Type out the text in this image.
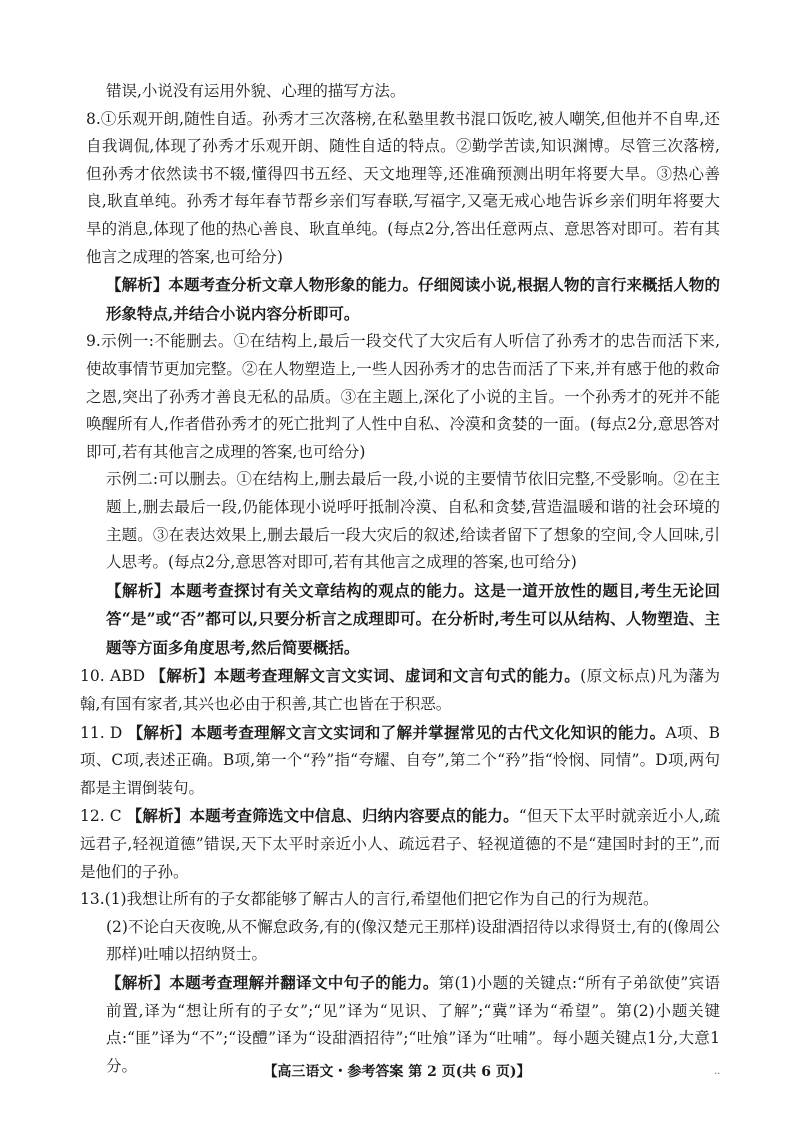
错误,小说没有运用外貌、心理的描写方法。

8.①乐观开朗,随性自适。孙秀才三次落榜,在私塾里教书混口饭吃,被人嘲笑,但他并不自卑,还自我调侃,体现了孙秀才乐观开朗、随性自适的特点。②勤学苦读,知识渊博。尽管三次落榜,但孙秀才依然读书不辍,懂得四书五经、天文地理等,还准确预测出明年将要大旱。③热心善良,耿直单纯。孙秀才每年春节帮乡亲们写春联,写福字,又毫无戒心地告诉乡亲们明年将要大旱的消息,体现了他的热心善良、耿直单纯。(每点2分,答出任意两点、意思答对即可。若有其他言之成理的答案,也可给分)

【解析】本题考查分析文章人物形象的能力。仔细阅读小说,根据人物的言行来概括人物的形象特点,并结合小说内容分析即可。

9.示例一:不能删去。①在结构上,最后一段交代了大灾后有人听信了孙秀才的忠告而活下来,使故事情节更加完整。②在人物塑造上,一些人因孙秀才的忠告而活了下来,并有感于他的救命之恩,突出了孙秀才善良无私的品质。③在主题上,深化了小说的主旨。一个孙秀才的死并不能唤醒所有人,作者借孙秀才的死亡批判了人性中自私、冷漠和贪婪的一面。(每点2分,意思答对即可,若有其他言之成理的答案,也可给分)

示例二:可以删去。①在结构上,删去最后一段,小说的主要情节依旧完整,不受影响。②在主题上,删去最后一段,仍能体现小说呼吁抵制冷漠、自私和贪婪,营造温暖和谐的社会环境的主题。③在表达效果上,删去最后一段大灾后的叙述,给读者留下了想象的空间,令人回味,引人思考。(每点2分,意思答对即可,若有其他言之成理的答案,也可给分)

【解析】本题考查探讨有关文章结构的观点的能力。这是一道开放性的题目,考生无论回答“是”或“否”都可以,只要分析言之成理即可。在分析时,考生可以从结构、人物塑造、主题等方面多角度思考,然后简要概括。

10. ABD 【解析】本题考查理解文言文实词、虚词和文言句式的能力。(原文标点)凡为藩为翰,有国有家者,其兴也必由于积善,其亡也皆在于积恶。

11. D 【解析】本题考查理解文言文实词和了解并掌握常见的古代文化知识的能力。A项、B项、C项,表述正确。B项,第一个“矜”指“夸耀、自夸”,第二个“矜”指“怜悯、同情”。D项,两句都是主谓倒装句。

12. C 【解析】本题考查筛选文中信息、归纳内容要点的能力。“但天下太平时就亲近小人,疏远君子,轻视道德”错误,天下太平时亲近小人、疏远君子、轻视道德的不是“建国时封的王”,而是他们的子孙。

13.(1)我想让所有的子女都能够了解古人的言行,希望他们把它作为自己的行为规范。

(2)不论白天夜晚,从不懈怠政务,有的(像汉楚元王那样)设甜酒招待以求得贤士,有的(像周公那样)吐哺以招纳贤士。

【解析】本题考查理解并翻译文中句子的能力。第(1)小题的关键点:“所有子弟欲使”宾语前置,译为“想让所有的子女”;“见”译为“见识、了解”;“冀”译为“希望”。第(2)小题关键点:“匪”译为“不”;“设醴”译为“设甜酒招待”;“吐飧”译为“吐哺”。每小题关键点1分,大意1分。	【高三语文・参考答案 第 2 页(共 6 页)】	..
